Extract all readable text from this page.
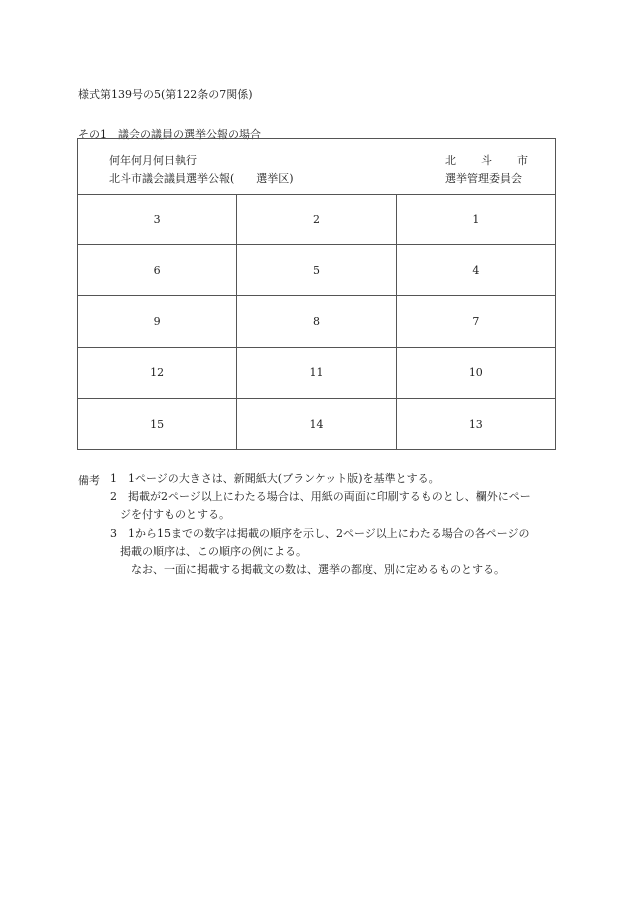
様式第139号の5(第122条の7関係)
その1　議会の議員の選挙公報の場合
何年何月何日執行
北斗市議会議員選挙公報(　　選挙区)
北 斗 市
選挙管理委員会
3	2	1
6	5	4
9	8	7
12	11	10
15	14	13
備考 1　1ページの大きさは、新聞紙大(ブランケット版)を基準とする。
2　掲載が2ページ以上にわたる場合は、用紙の両面に印刷するものとし、欄外にペー
ジを付すものとする。
3　1から15までの数字は掲載の順序を示し、2ページ以上にわたる場合の各ページの
掲載の順序は、この順序の例による。
なお、一面に掲載する掲載文の数は、選挙の都度、別に定めるものとする。
